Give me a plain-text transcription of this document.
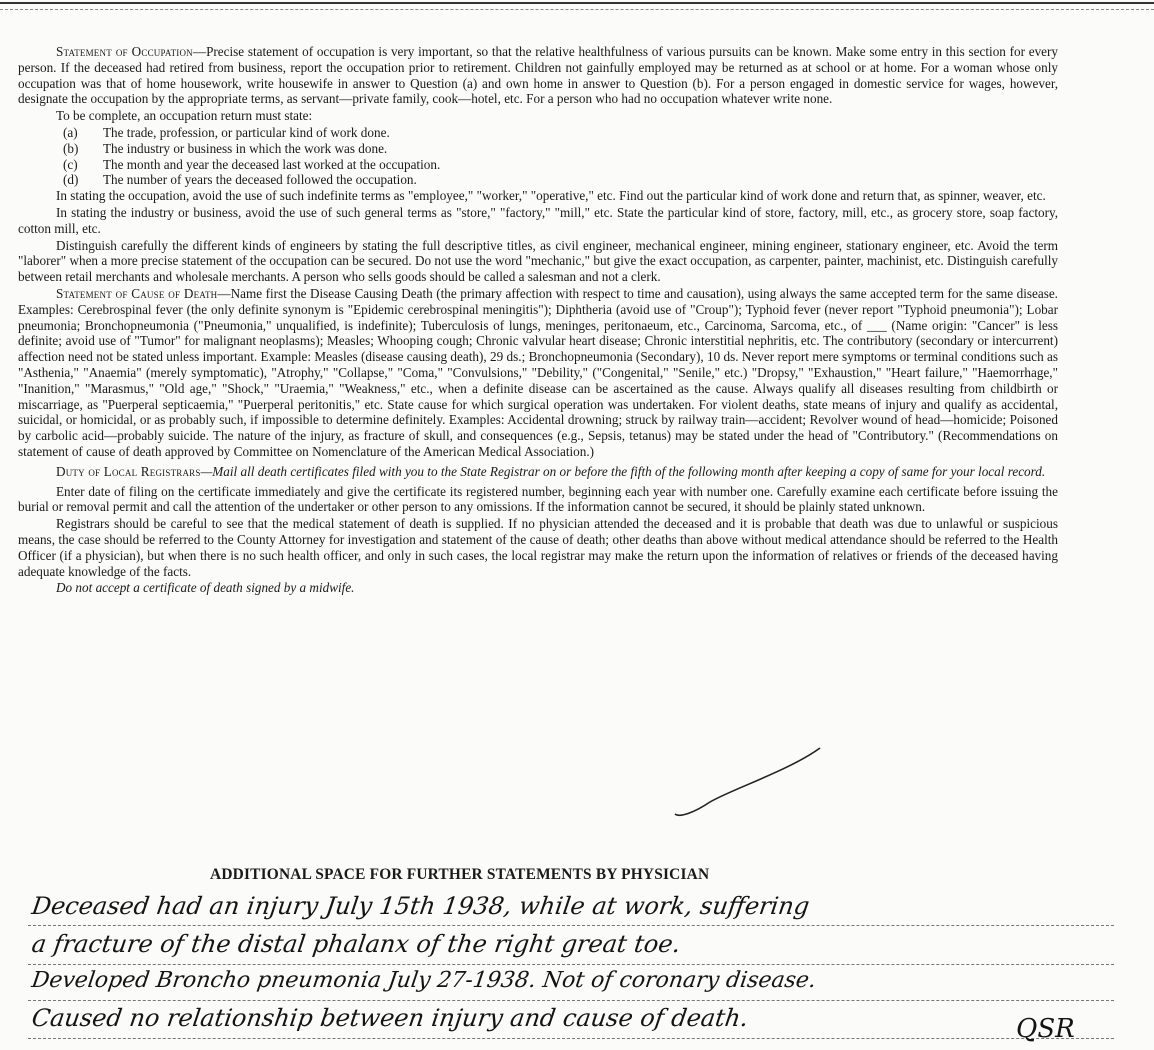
Statement of Occupation—Precise statement of occupation is very important, so that the relative healthfulness of various pursuits can be known. Make some entry in this section for every person. If the deceased had retired from business, report the occupation prior to retirement. Children not gainfully employed may be returned as at school or at home. For a woman whose only occupation was that of home housework, write housewife in answer to Question (a) and own home in answer to Question (b). For a person engaged in domestic service for wages, however, designate the occupation by the appropriate terms, as servant—private family, cook—hotel, etc. For a person who had no occupation whatever write none.

To be complete, an occupation return must state:

(a)	The trade, profession, or particular kind of work done.
(b)	The industry or business in which the work was done.
(c)	The month and year the deceased last worked at the occupation.
(d)	The number of years the deceased followed the occupation.

In stating the occupation, avoid the use of such indefinite terms as "employee," "worker," "operative," etc. Find out the particular kind of work done and return that, as spinner, weaver, etc.

In stating the industry or business, avoid the use of such general terms as "store," "factory," "mill," etc. State the particular kind of store, factory, mill, etc., as grocery store, soap factory, cotton mill, etc.

Distinguish carefully the different kinds of engineers by stating the full descriptive titles, as civil engineer, mechanical engineer, mining engineer, stationary engineer, etc. Avoid the term "laborer" when a more precise statement of the occupation can be secured. Do not use the word "mechanic," but give the exact occupation, as carpenter, painter, machinist, etc. Distinguish carefully between retail merchants and wholesale merchants. A person who sells goods should be called a salesman and not a clerk.

Statement of Cause of Death—Name first the Disease Causing Death (the primary affection with respect to time and causation), using always the same accepted term for the same disease. Examples: Cerebrospinal fever (the only definite synonym is "Epidemic cerebrospinal meningitis"); Diphtheria (avoid use of "Croup"); Typhoid fever (never report "Typhoid pneumonia"); Lobar pneumonia; Bronchopneumonia ("Pneumonia," unqualified, is indefinite); Tuberculosis of lungs, meninges, peritonaeum, etc., Carcinoma, Sarcoma, etc., of ___ (Name origin: "Cancer" is less definite; avoid use of "Tumor" for malignant neoplasms); Measles; Whooping cough; Chronic valvular heart disease; Chronic interstitial nephritis, etc. The contributory (secondary or intercurrent) affection need not be stated unless important. Example: Measles (disease causing death), 29 ds.; Bronchopneumonia (Secondary), 10 ds. Never report mere symptoms or terminal conditions such as "Asthenia," "Anaemia" (merely symptomatic), "Atrophy," "Collapse," "Coma," "Convulsions," "Debility," ("Congenital," "Senile," etc.) "Dropsy," "Exhaustion," "Heart failure," "Haemorrhage," "Inanition," "Marasmus," "Old age," "Shock," "Uraemia," "Weakness," etc., when a definite disease can be ascertained as the cause. Always qualify all diseases resulting from childbirth or miscarriage, as "Puerperal septicaemia," "Puerperal peritonitis," etc. State cause for which surgical operation was undertaken. For violent deaths, state means of injury and qualify as accidental, suicidal, or homicidal, or as probably such, if impossible to determine definitely. Examples: Accidental drowning; struck by railway train—accident; Revolver wound of head—homicide; Poisoned by carbolic acid—probably suicide. The nature of the injury, as fracture of skull, and consequences (e.g., Sepsis, tetanus) may be stated under the head of "Contributory." (Recommendations on statement of cause of death approved by Committee on Nomenclature of the American Medical Association.)

Duty of Local Registrars—Mail all death certificates filed with you to the State Registrar on or before the fifth of the following month after keeping a copy of same for your local record.

Enter date of filing on the certificate immediately and give the certificate its registered number, beginning each year with number one. Carefully examine each certificate before issuing the burial or removal permit and call the attention of the undertaker or other person to any omissions. If the information cannot be secured, it should be plainly stated unknown.

Registrars should be careful to see that the medical statement of death is supplied. If no physician attended the deceased and it is probable that death was due to unlawful or suspicious means, the case should be referred to the County Attorney for investigation and statement of the cause of death; other deaths than above without medical attendance should be referred to the Health Officer (if a physician), but when there is no such health officer, and only in such cases, the local registrar may make the return upon the information of relatives or friends of the deceased having adequate knowledge of the facts.

Do not accept a certificate of death signed by a midwife.

ADDITIONAL SPACE FOR FURTHER STATEMENTS BY PHYSICIAN
Deceased had an injury July 15th 1938, while at work, suffering
a fracture of the distal phalanx of the right great toe.
Developed Broncho pneumonia July 27-1938. Not of coronary disease.
Caused no relationship between injury and cause of death.	QSR
